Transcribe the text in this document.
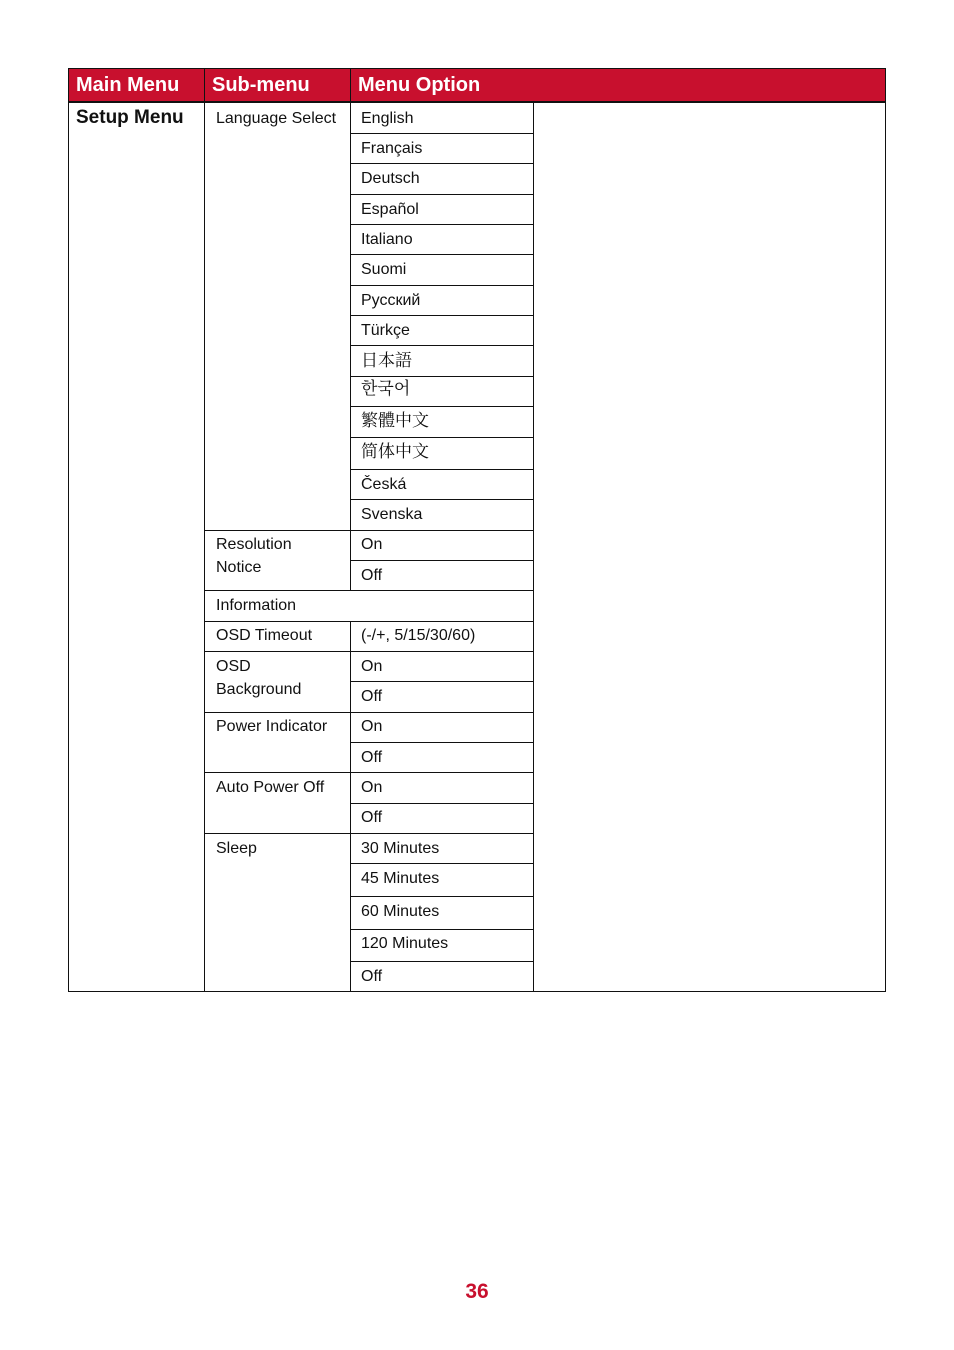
Main Menu	Sub-menu	Menu Option
Setup Menu Language Select
Resolution
Notice
Information
OSD Timeout
OSD
Background
Power Indicator
Auto Power Off
Sleep
English
Français
Deutsch
Español
Italiano
Suomi
Русский
Türkçe
日本語
한국어
繁體中文
简体中文
Česká
Svenska
On
Off
(-/+, 5/15/30/60)
On
Off
On
Off
On
Off
30 Minutes
45 Minutes
60 Minutes
120 Minutes
Off
36
